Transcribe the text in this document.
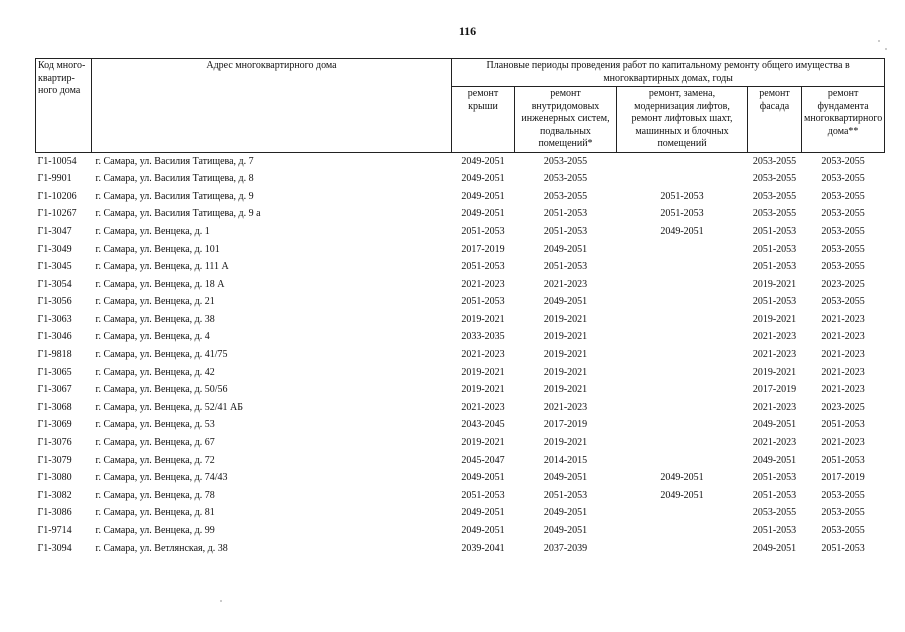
116
Код много-квартир-ного дома	Адрес многоквартирного дома	Плановые периоды проведения работ по капитальному ремонту общего имущества в многоквартирных домах, годы				
		ремонт крыши	ремонт внутридомовых инженерных систем, подвальных помещений*	ремонт, замена, модернизация лифтов, ремонт лифтовых шахт, машинных и блочных помещений	ремонт фасада	ремонт фундамента многоквартирного дома**
Г1-10054	г. Самара, ул. Василия Татищева, д. 7	2049-2051	2053-2055		2053-2055	2053-2055
Г1-9901	г. Самара, ул. Василия Татищева, д. 8	2049-2051	2053-2055		2053-2055	2053-2055
Г1-10206	г. Самара, ул. Василия Татищева, д. 9	2049-2051	2053-2055	2051-2053	2053-2055	2053-2055
Г1-10267	г. Самара, ул. Василия Татищева, д. 9 а	2049-2051	2051-2053	2051-2053	2053-2055	2053-2055
Г1-3047	г. Самара, ул. Венцека, д. 1	2051-2053	2051-2053	2049-2051	2051-2053	2053-2055
Г1-3049	г. Самара, ул. Венцека, д. 101	2017-2019	2049-2051		2051-2053	2053-2055
Г1-3045	г. Самара, ул. Венцека, д. 111 А	2051-2053	2051-2053		2051-2053	2053-2055
Г1-3054	г. Самара, ул. Венцека, д. 18 А	2021-2023	2021-2023		2019-2021	2023-2025
Г1-3056	г. Самара, ул. Венцека, д. 21	2051-2053	2049-2051		2051-2053	2053-2055
Г1-3063	г. Самара, ул. Венцека, д. 38	2019-2021	2019-2021		2019-2021	2021-2023
Г1-3046	г. Самара, ул. Венцека, д. 4	2033-2035	2019-2021		2021-2023	2021-2023
Г1-9818	г. Самара, ул. Венцека, д. 41/75	2021-2023	2019-2021		2021-2023	2021-2023
Г1-3065	г. Самара, ул. Венцека, д. 42	2019-2021	2019-2021		2019-2021	2021-2023
Г1-3067	г. Самара, ул. Венцека, д. 50/56	2019-2021	2019-2021		2017-2019	2021-2023
Г1-3068	г. Самара, ул. Венцека, д. 52/41 АБ	2021-2023	2021-2023		2021-2023	2023-2025
Г1-3069	г. Самара, ул. Венцека, д. 53	2043-2045	2017-2019		2049-2051	2051-2053
Г1-3076	г. Самара, ул. Венцека, д. 67	2019-2021	2019-2021		2021-2023	2021-2023
Г1-3079	г. Самара, ул. Венцека, д. 72	2045-2047	2014-2015		2049-2051	2051-2053
Г1-3080	г. Самара, ул. Венцека, д. 74/43	2049-2051	2049-2051	2049-2051	2051-2053	2017-2019
Г1-3082	г. Самара, ул. Венцека, д. 78	2051-2053	2051-2053	2049-2051	2051-2053	2053-2055
Г1-3086	г. Самара, ул. Венцека, д. 81	2049-2051	2049-2051		2053-2055	2053-2055
Г1-9714	г. Самара, ул. Венцека, д. 99	2049-2051	2049-2051		2051-2053	2053-2055
Г1-3094	г. Самара, ул. Ветлянская, д. 38	2039-2041	2037-2039		2049-2051	2051-2053
